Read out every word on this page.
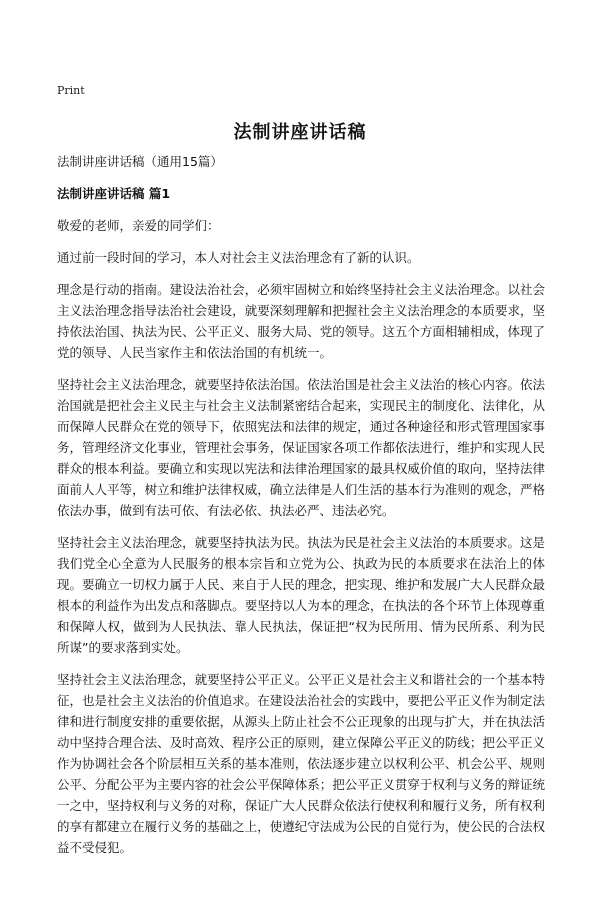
Print
法制讲座讲话稿

法制讲座讲话稿（通用15篇）

法制讲座讲话稿 篇1

敬爱的老师，亲爱的同学们：

通过前一段时间的学习，本人对社会主义法治理念有了新的认识。

理念是行动的指南。建设法治社会，必须牢固树立和始终坚持社会主义法治理念。以社会主义法治理念指导法治社会建设，就要深刻理解和把握社会主义法治理念的本质要求，坚持依法治国、执法为民、公平正义、服务大局、党的领导。这五个方面相辅相成，体现了党的领导、人民当家作主和依法治国的有机统一。

坚持社会主义法治理念，就要坚持依法治国。依法治国是社会主义法治的核心内容。依法治国就是把社会主义民主与社会主义法制紧密结合起来，实现民主的制度化、法律化，从而保障人民群众在党的领导下，依照宪法和法律的规定，通过各种途径和形式管理国家事务，管理经济文化事业，管理社会事务，保证国家各项工作都依法进行，维护和实现人民群众的根本利益。要确立和实现以宪法和法律治理国家的最具权威价值的取向，坚持法律面前人人平等，树立和维护法律权威，确立法律是人们生活的基本行为准则的观念，严格依法办事，做到有法可依、有法必依、执法必严、违法必究。

坚持社会主义法治理念，就要坚持执法为民。执法为民是社会主义法治的本质要求。这是我们党全心全意为人民服务的根本宗旨和立党为公、执政为民的本质要求在法治上的体现。要确立一切权力属于人民、来自于人民的理念，把实现、维护和发展广大人民群众最根本的利益作为出发点和落脚点。要坚持以人为本的理念，在执法的各个环节上体现尊重和保障人权，做到为人民执法、靠人民执法，保证把“权为民所用、情为民所系、利为民所谋”的要求落到实处。

坚持社会主义法治理念，就要坚持公平正义。公平正义是社会主义和谐社会的一个基本特征，也是社会主义法治的价值追求。在建设法治社会的实践中，要把公平正义作为制定法律和进行制度安排的重要依据，从源头上防止社会不公正现象的出现与扩大，并在执法活动中坚持合理合法、及时高效、程序公正的原则，建立保障公平正义的防线；把公平正义作为协调社会各个阶层相互关系的基本准则，依法逐步建立以权利公平、机会公平、规则公平、分配公平为主要内容的社会公平保障体系；把公平正义贯穿于权利与义务的辩证统一之中，坚持权利与义务的对称，保证广大人民群众依法行使权利和履行义务，所有权利的享有都建立在履行义务的基础之上，使遵纪守法成为公民的自觉行为，使公民的合法权益不受侵犯。
